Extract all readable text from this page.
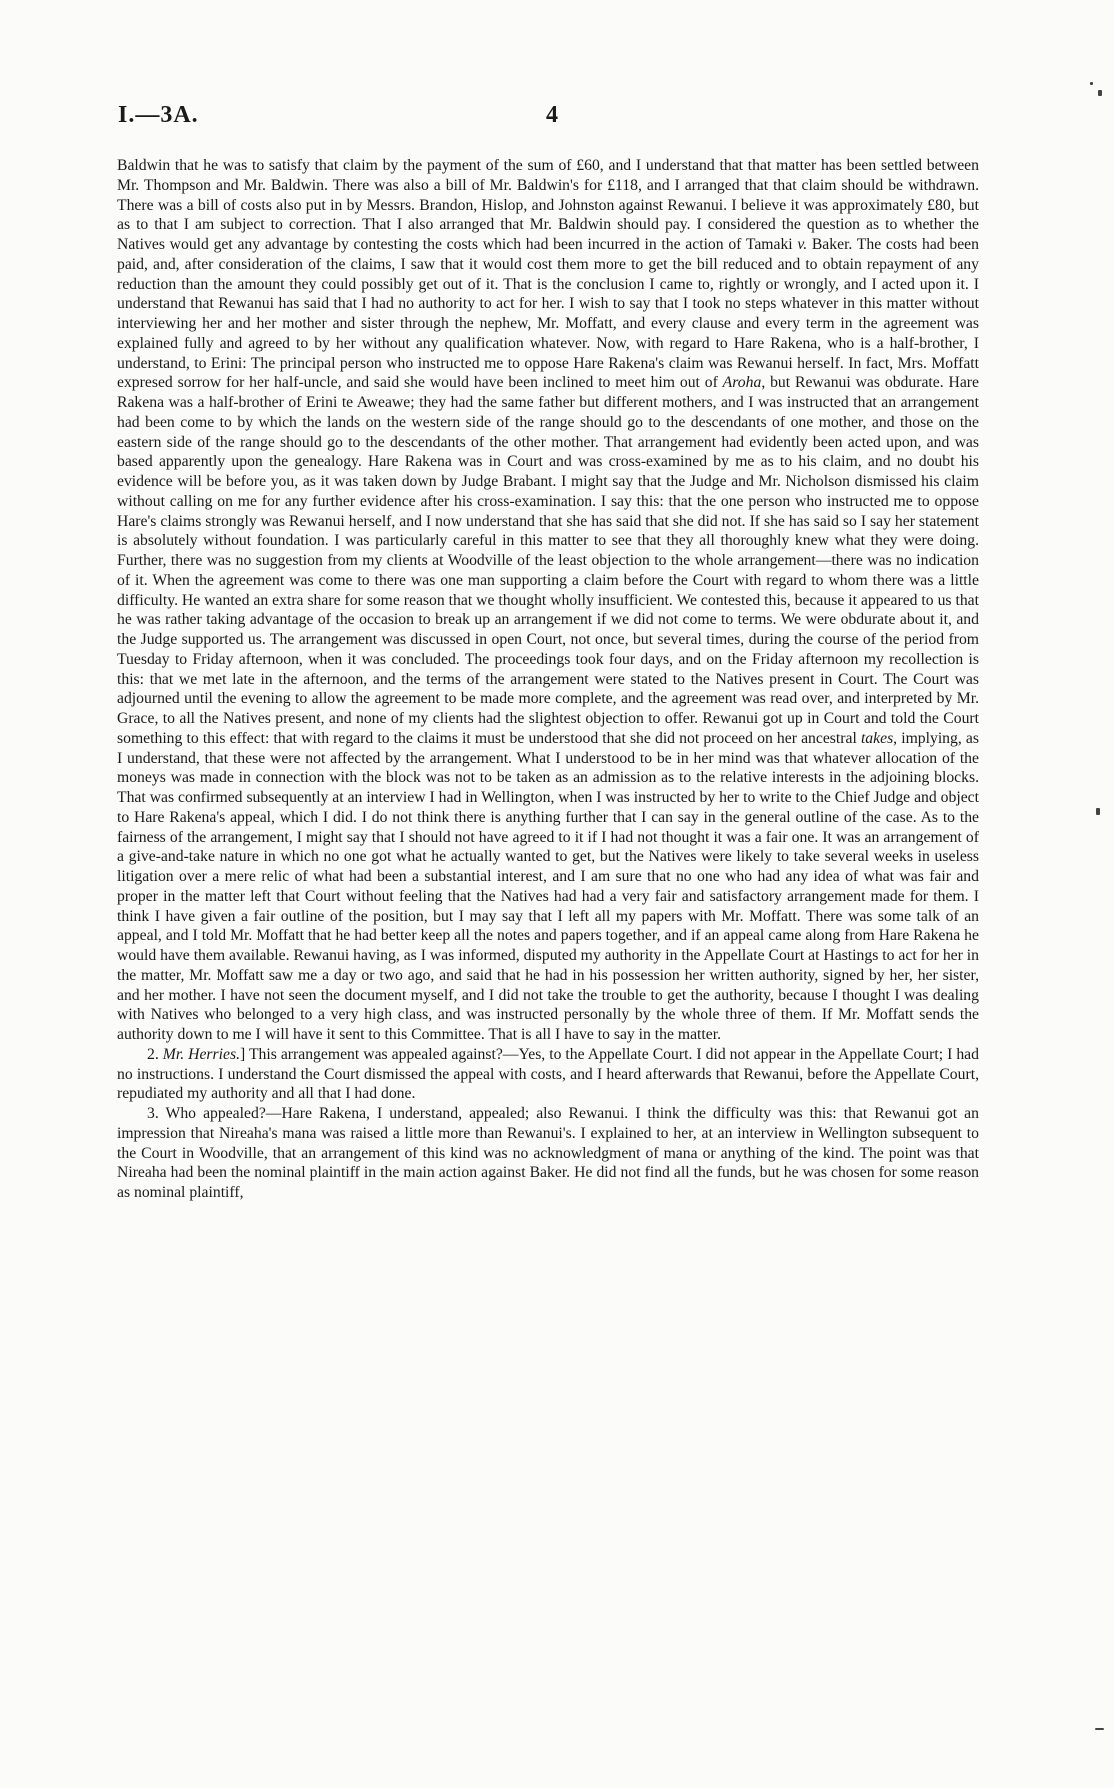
I.—3A.	4

Baldwin that he was to satisfy that claim by the payment of the sum of £60, and I understand that that matter has been settled between Mr. Thompson and Mr. Baldwin. There was also a bill of Mr. Baldwin's for £118, and I arranged that that claim should be withdrawn. There was a bill of costs also put in by Messrs. Brandon, Hislop, and Johnston against Rewanui. I believe it was approximately £80, but as to that I am subject to correction. That I also arranged that Mr. Baldwin should pay. I considered the question as to whether the Natives would get any advantage by contesting the costs which had been incurred in the action of Tamaki v. Baker. The costs had been paid, and, after consideration of the claims, I saw that it would cost them more to get the bill reduced and to obtain repayment of any reduction than the amount they could possibly get out of it. That is the conclusion I came to, rightly or wrongly, and I acted upon it. I understand that Rewanui has said that I had no authority to act for her. I wish to say that I took no steps whatever in this matter without interviewing her and her mother and sister through the nephew, Mr. Moffatt, and every clause and every term in the agreement was explained fully and agreed to by her without any qualification whatever. Now, with regard to Hare Rakena, who is a half-brother, I understand, to Erini: The principal person who instructed me to oppose Hare Rakena's claim was Rewanui herself. In fact, Mrs. Moffatt expresed sorrow for her half-uncle, and said she would have been inclined to meet him out of Aroha, but Rewanui was obdurate. Hare Rakena was a half-brother of Erini te Aweawe; they had the same father but different mothers, and I was instructed that an arrangement had been come to by which the lands on the western side of the range should go to the descendants of one mother, and those on the eastern side of the range should go to the descendants of the other mother. That arrangement had evidently been acted upon, and was based apparently upon the genealogy. Hare Rakena was in Court and was cross-examined by me as to his claim, and no doubt his evidence will be before you, as it was taken down by Judge Brabant. I might say that the Judge and Mr. Nicholson dismissed his claim without calling on me for any further evidence after his cross-examination. I say this: that the one person who instructed me to oppose Hare's claims strongly was Rewanui herself, and I now understand that she has said that she did not. If she has said so I say her statement is absolutely without foundation. I was particularly careful in this matter to see that they all thoroughly knew what they were doing. Further, there was no suggestion from my clients at Woodville of the least objection to the whole arrangement—there was no indication of it. When the agreement was come to there was one man supporting a claim before the Court with regard to whom there was a little difficulty. He wanted an extra share for some reason that we thought wholly insufficient. We contested this, because it appeared to us that he was rather taking advantage of the occasion to break up an arrangement if we did not come to terms. We were obdurate about it, and the Judge supported us. The arrangement was discussed in open Court, not once, but several times, during the course of the period from Tuesday to Friday afternoon, when it was concluded. The proceedings took four days, and on the Friday afternoon my recollection is this: that we met late in the afternoon, and the terms of the arrangement were stated to the Natives present in Court. The Court was adjourned until the evening to allow the agreement to be made more complete, and the agreement was read over, and interpreted by Mr. Grace, to all the Natives present, and none of my clients had the slightest objection to offer. Rewanui got up in Court and told the Court something to this effect: that with regard to the claims it must be understood that she did not proceed on her ancestral takes, implying, as I understand, that these were not affected by the arrangement. What I understood to be in her mind was that whatever allocation of the moneys was made in connection with the block was not to be taken as an admission as to the relative interests in the adjoining blocks. That was confirmed subsequently at an interview I had in Wellington, when I was instructed by her to write to the Chief Judge and object to Hare Rakena's appeal, which I did. I do not think there is anything further that I can say in the general outline of the case. As to the fairness of the arrangement, I might say that I should not have agreed to it if I had not thought it was a fair one. It was an arrangement of a give-and-take nature in which no one got what he actually wanted to get, but the Natives were likely to take several weeks in useless litigation over a mere relic of what had been a substantial interest, and I am sure that no one who had any idea of what was fair and proper in the matter left that Court without feeling that the Natives had had a very fair and satisfactory arrangement made for them. I think I have given a fair outline of the position, but I may say that I left all my papers with Mr. Moffatt. There was some talk of an appeal, and I told Mr. Moffatt that he had better keep all the notes and papers together, and if an appeal came along from Hare Rakena he would have them available. Rewanui having, as I was informed, disputed my authority in the Appellate Court at Hastings to act for her in the matter, Mr. Moffatt saw me a day or two ago, and said that he had in his possession her written authority, signed by her, her sister, and her mother. I have not seen the document myself, and I did not take the trouble to get the authority, because I thought I was dealing with Natives who belonged to a very high class, and was instructed personally by the whole three of them. If Mr. Moffatt sends the authority down to me I will have it sent to this Committee. That is all I have to say in the matter.

2. Mr. Herries.] This arrangement was appealed against?—Yes, to the Appellate Court. I did not appear in the Appellate Court; I had no instructions. I understand the Court dismissed the appeal with costs, and I heard afterwards that Rewanui, before the Appellate Court, repudiated my authority and all that I had done.

3. Who appealed?—Hare Rakena, I understand, appealed; also Rewanui. I think the difficulty was this: that Rewanui got an impression that Nireaha's mana was raised a little more than Rewanui's. I explained to her, at an interview in Wellington subsequent to the Court in Woodville, that an arrangement of this kind was no acknowledgment of mana or anything of the kind. The point was that Nireaha had been the nominal plaintiff in the main action against Baker. He did not find all the funds, but he was chosen for some reason as nominal plaintiff,
